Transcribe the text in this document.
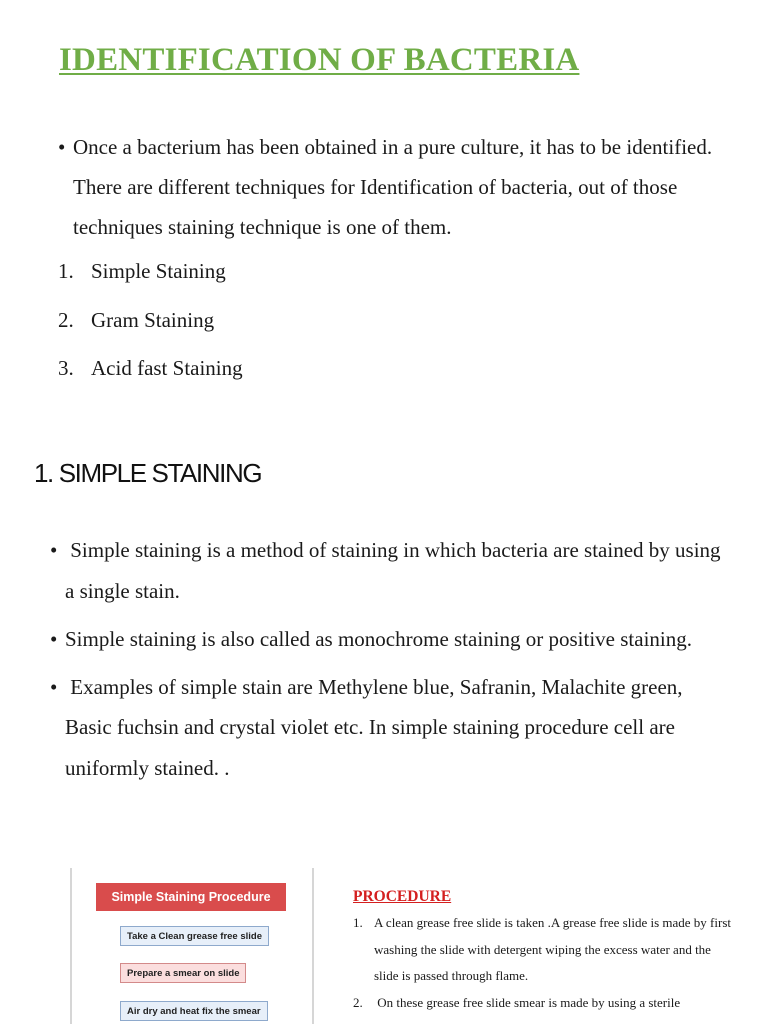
IDENTIFICATION OF BACTERIA
• Once a bacterium has been obtained in a pure culture, it has to be identified. There are different techniques for Identification of bacteria, out of those techniques staining technique is one of them.
1. Simple Staining
2. Gram Staining
3. Acid fast Staining
1. SIMPLE STAINING
• Simple staining is a method of staining in which bacteria are stained by using a single stain.
• Simple staining is also called as monochrome staining or positive staining.
• Examples of simple stain are Methylene blue, Safranin, Malachite green, Basic fuchsin and crystal violet etc. In simple staining procedure cell are uniformly stained. .
Simple Staining Procedure
Take a Clean grease free slide
Prepare a smear on slide
Air dry and heat fix the smear
PROCEDURE
1. A clean grease free slide is taken .A grease free slide is made by first washing the slide with detergent wiping the excess water and the slide is passed through flame.
2. On these grease free slide smear is made by using a sterile
